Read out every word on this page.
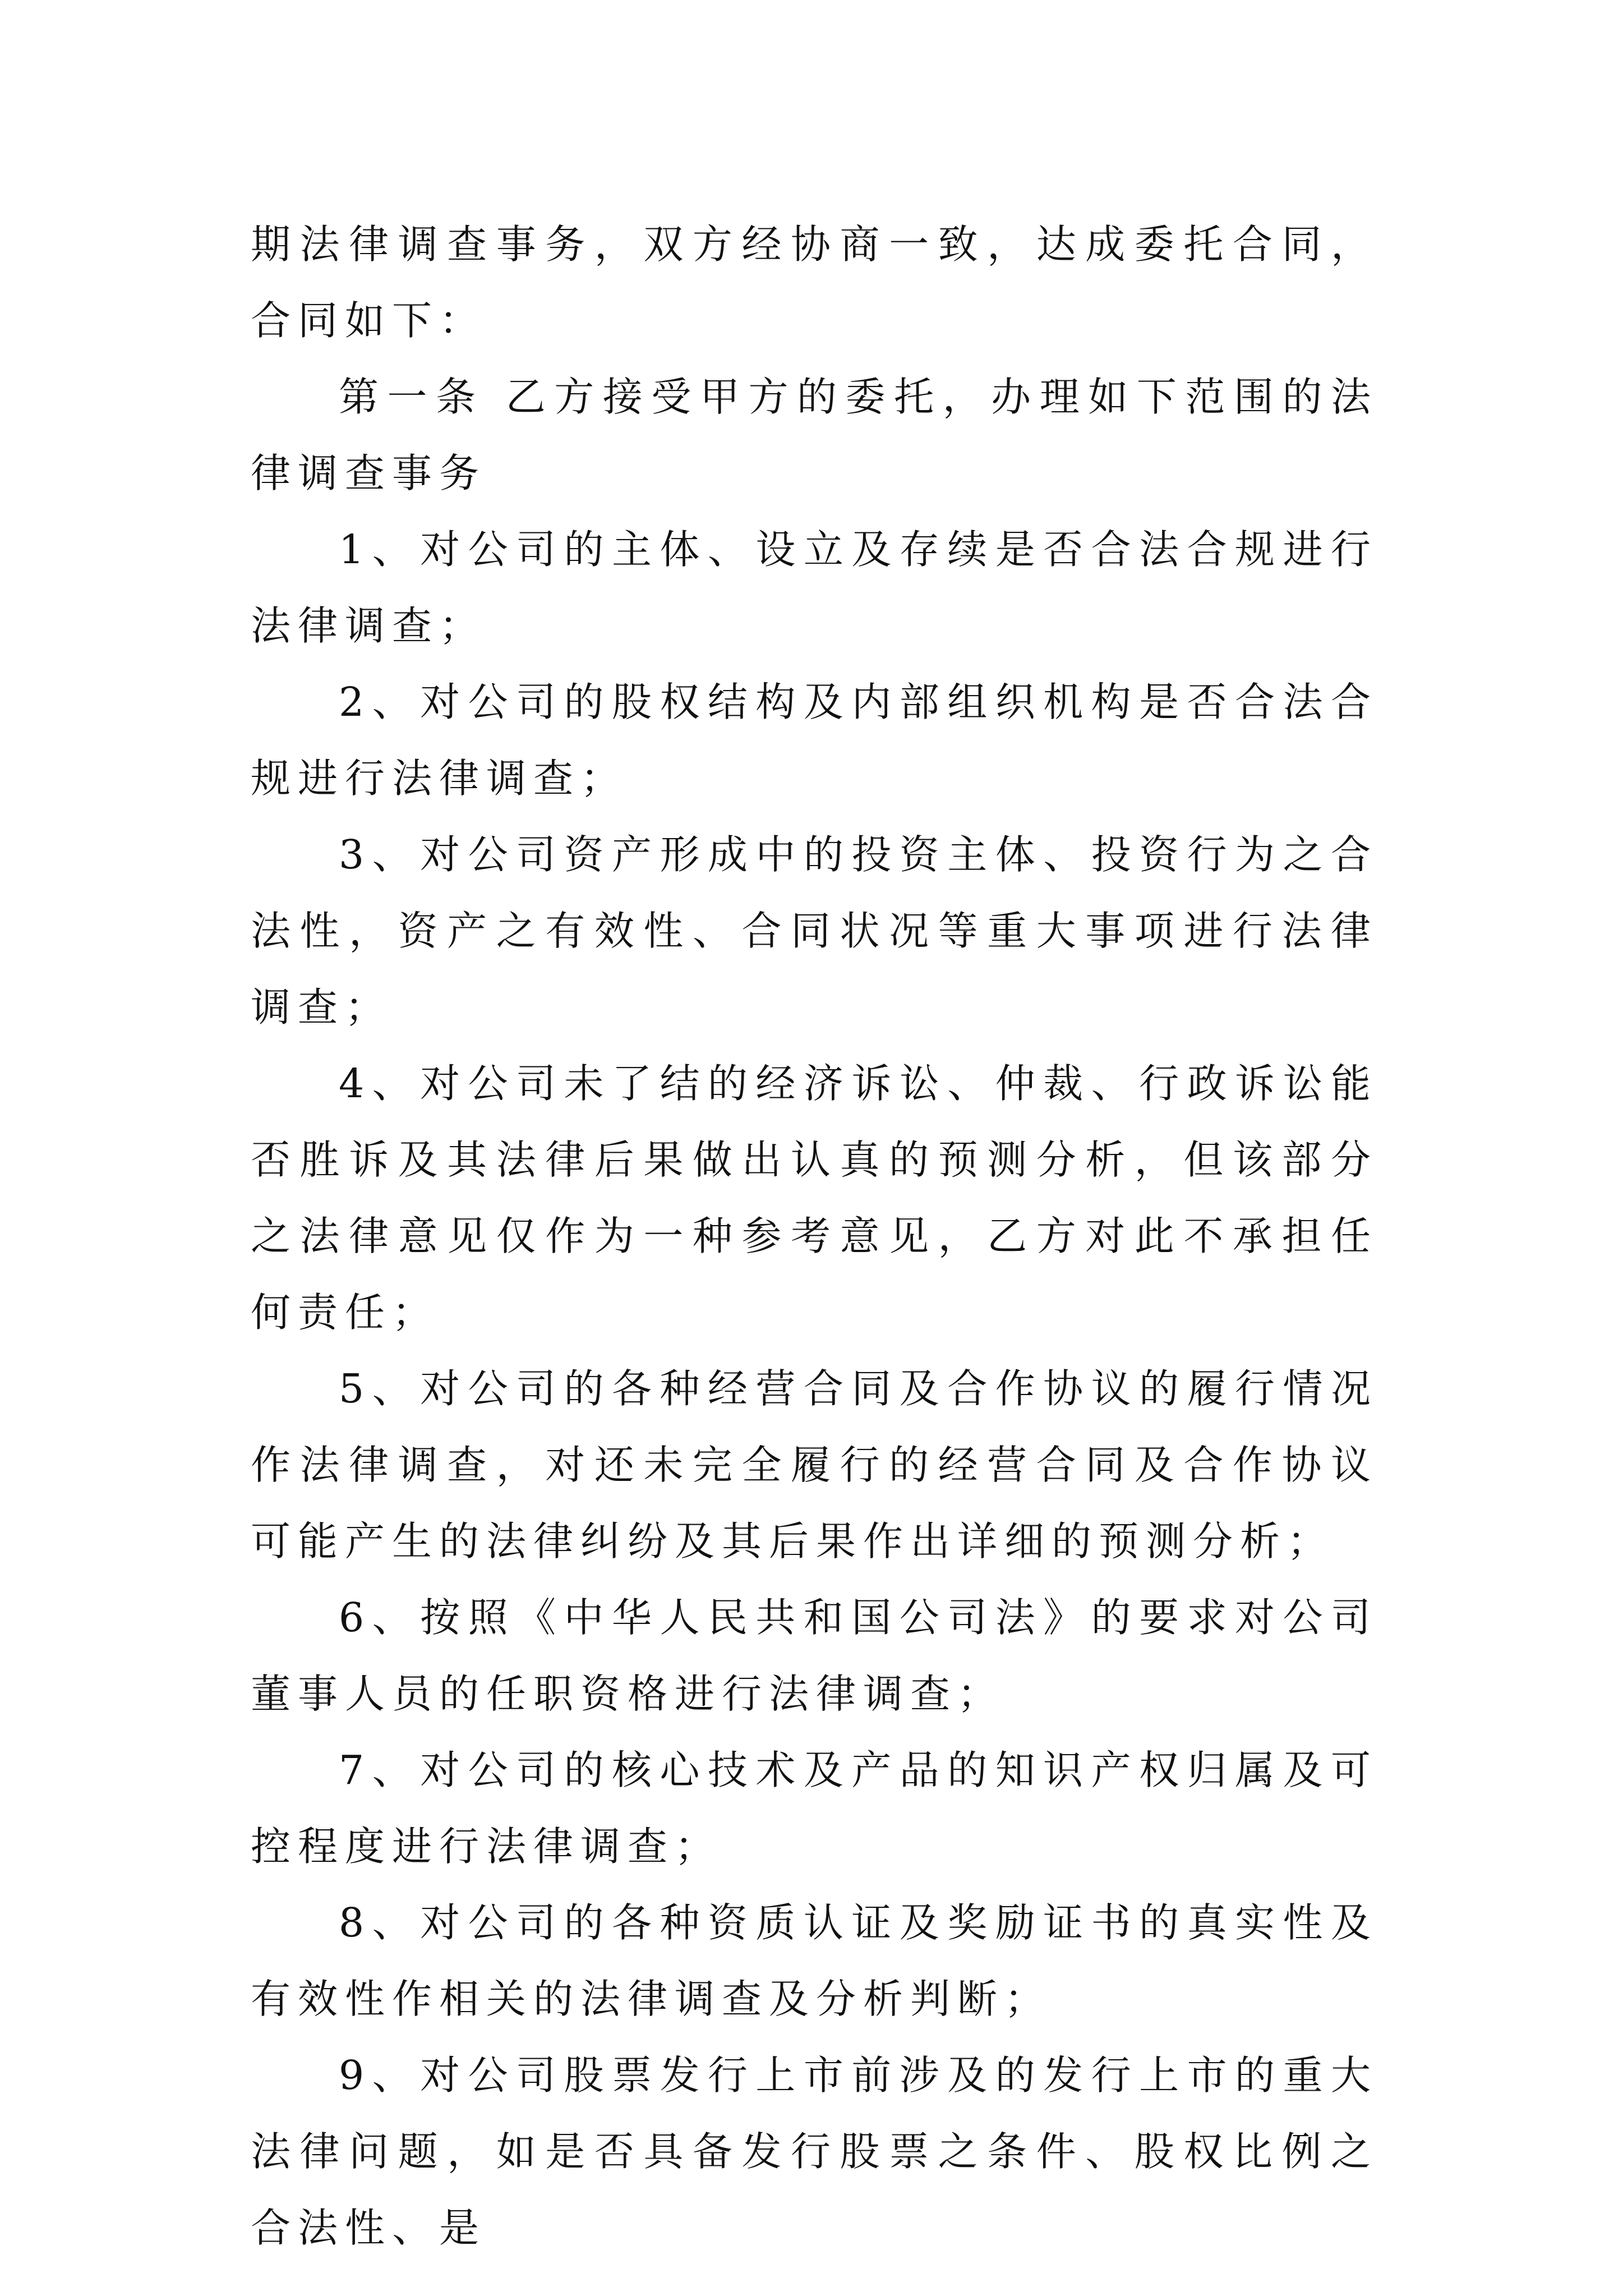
期法律调查事务，双方经协商一致，达成委托合同，合同如下：

第一条 乙方接受甲方的委托，办理如下范围的法律调查事务

1、对公司的主体、设立及存续是否合法合规进行法律调查；

2、对公司的股权结构及内部组织机构是否合法合规进行法律调查；

3、对公司资产形成中的投资主体、投资行为之合法性，资产之有效性、合同状况等重大事项进行法律调查；

4、对公司未了结的经济诉讼、仲裁、行政诉讼能否胜诉及其法律后果做出认真的预测分析，但该部分之法律意见仅作为一种参考意见，乙方对此不承担任何责任；

5、对公司的各种经营合同及合作协议的履行情况作法律调查，对还未完全履行的经营合同及合作协议可能产生的法律纠纷及其后果作出详细的预测分析；

6、按照《中华人民共和国公司法》的要求对公司董事人员的任职资格进行法律调查；

7、对公司的核心技术及产品的知识产权归属及可控程度进行法律调查；

8、对公司的各种资质认证及奖励证书的真实性及有效性作相关的法律调查及分析判断；

9、对公司股票发行上市前涉及的发行上市的重大法律问题，如是否具备发行股票之条件、股权比例之合法性、是
